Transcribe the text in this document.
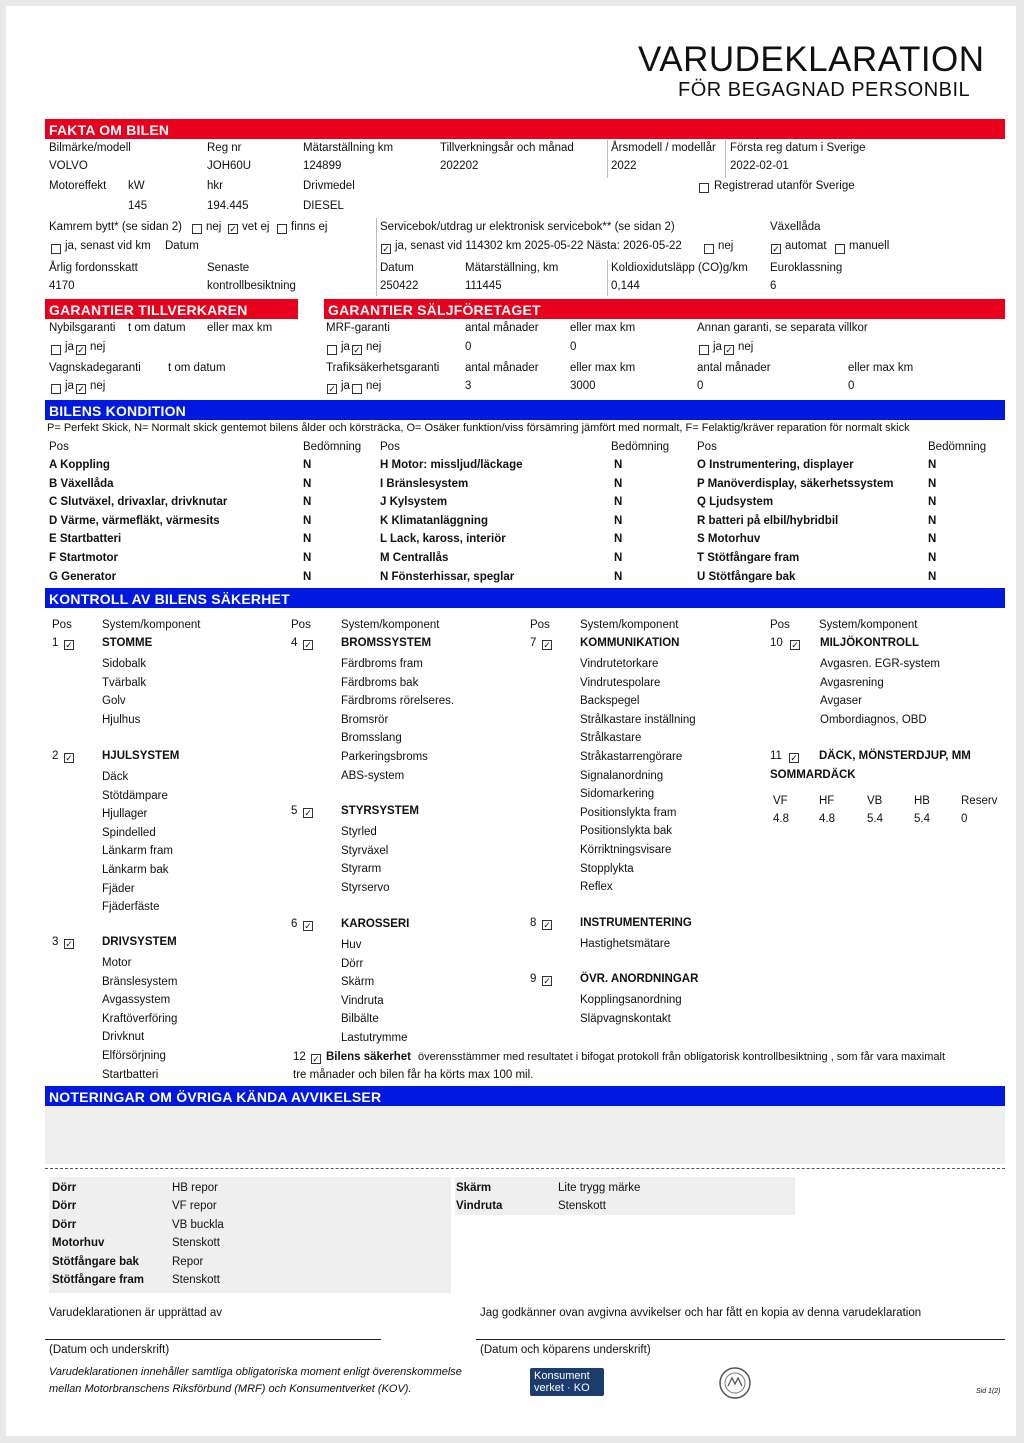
VARUDEKLARATION
FÖR BEGAGNAD PERSONBIL
FAKTA OM BILEN
Bilmärke/modell
VOLVO
Reg nr
JOH60U
Mätarställning km
124899
Tillverkningsår och månad
202202
Årsmodell / modellår
2022
Första reg datum i Sverige
2022-02-01
Motoreffekt kW
145
hkr
194.445
Drivmedel
DIESEL
Registrerad utanför Sverige
Kamrem bytt* (se sidan 2) nej ✓ vet ej finns ej
ja, senast vid km Datum
Servicebok/utdrag ur elektronisk servicebok** (se sidan 2)
✓ ja, senast vid 114302 km 2025-05-22 Nästa: 2026-05-22	nej
Växellåda
✓ automat manuell
Årlig fordonsskatt
4170
Senaste
kontrollbesiktning
Datum
250422
Mätarställning, km
111445
Koldioxidutsläpp (CO)g/km
0,144
Euroklassning
6
GARANTIER TILLVERKAREN	GARANTIER SÄLJFÖRETAGET
Nybilsgaranti t om datum eller max km
ja ✓ nej
Vagnskadegaranti t om datum
ja ✓ nej
MRF-garanti	antal månader	eller max km
ja ✓ nej	0	0
Annan garanti, se separata villkor
ja ✓ nej
Trafiksäkerhetsgaranti antal månader	eller max km	antal månader	eller max km
✓ ja nej	3	3000	0	0
BILENS KONDITION
P= Perfekt Skick, N= Normalt skick gentemot bilens ålder och körsträcka, O= Osäker funktion/viss försämring jämfört med normalt, F= Felaktig/kräver reparation för normalt skick
Pos	Bedömning Pos	Bedömning Pos	Bedömning
A Koppling	N
B Växellåda	N
C Slutväxel, drivaxlar, drivknutar	N
D Värme, värmefläkt, värmesits	N
E Startbatteri	N
F Startmotor	N
G Generator	N
H Motor: missljud/läckage	N
I Bränslesystem	N
J Kylsystem	N
K Klimatanläggning	N
L Lack, kaross, interiör	N
M Centrallås	N
N Fönsterhissar, speglar	N
O Instrumentering, displayer	N
P Manöverdisplay, säkerhetssystem	N
Q Ljudsystem	N
R batteri på elbil/hybridbil	N
S Motorhuv	N
T Stötfångare fram	N
U Stötfångare bak	N
KONTROLL AV BILENS SÄKERHET
Pos	System/komponent	Pos	System/komponent	Pos	System/komponent	Pos	System/komponent
1 ✓	STOMME
Sidobalk
Tvärbalk
Golv
Hjulhus
2 ✓	HJULSYSTEM
Däck
Stötdämpare
Hjullager
Spindelled
Länkarm fram
Länkarm bak
Fjäder
Fjäderfäste
3 ✓	DRIVSYSTEM
Motor
Bränslesystem
Avgassystem
Kraftöverföring
Drivknut
Elförsörjning
Startbatteri
4 ✓	BROMSSYSTEM
Färdbroms fram
Färdbroms bak
Färdbroms rörelseres.
Bromsrör
Bromsslang
Parkeringsbroms
ABS-system
5 ✓	STYRSYSTEM
Styrled
Styrväxel
Styrarm
Styrservo
6 ✓	KAROSSERI
Huv
Dörr
Skärm
Vindruta
Bilbälte
Lastutrymme
7 ✓	KOMMUNIKATION
Vindrutetorkare
Vindrutespolare
Backspegel
Strålkastare inställning
Strålkastare
Stråkastarrengörare
Signalanordning
Sidomarkering
Positionslykta fram
Positionslykta bak
Körriktningsvisare
Stopplykta
Reflex
8 ✓	INSTRUMENTERING
Hastighetsmätare
9 ✓	ÖVR. ANORDNINGAR
Kopplingsanordning
Släpvagnskontakt
10 ✓ MILJÖKONTROLL
Avgasren. EGR-system
Avgasrening
Avgaser
Ombordiagnos, OBD
11 ✓ DÄCK, MÖNSTERDJUP, MM
SOMMARDÄCK
VF	HF	VB	HB	Reserv
4.8	4.8	5.4	5.4	0
12 ✓ Bilens säkerhet överensstämmer med resultatet i bifogat protokoll från obligatorisk kontrollbesiktning , som får vara maximalt
tre månader och bilen får ha körts max 100 mil.
NOTERINGAR OM ÖVRIGA KÄNDA AVVIKELSER
Dörr	HB repor
Dörr	VF repor
Dörr	VB buckla
Motorhuv	Stenskott
Stötfångare bak	Repor
Stötfångare fram Stenskott
Skärm	Lite trygg märke
Vindruta	Stenskott
Varudeklarationen är upprättad av	Jag godkänner ovan avgivna avvikelser och har fått en kopia av denna varudeklaration
(Datum och underskrift)	(Datum och köparens underskrift)
Varudeklarationen innehåller samtliga obligatoriska moment enligt överenskommelse
mellan Motorbranschens Riksförbund (MRF) och Konsumentverket (KOV).
Konsument
verket · KO	Sid 1(2)
